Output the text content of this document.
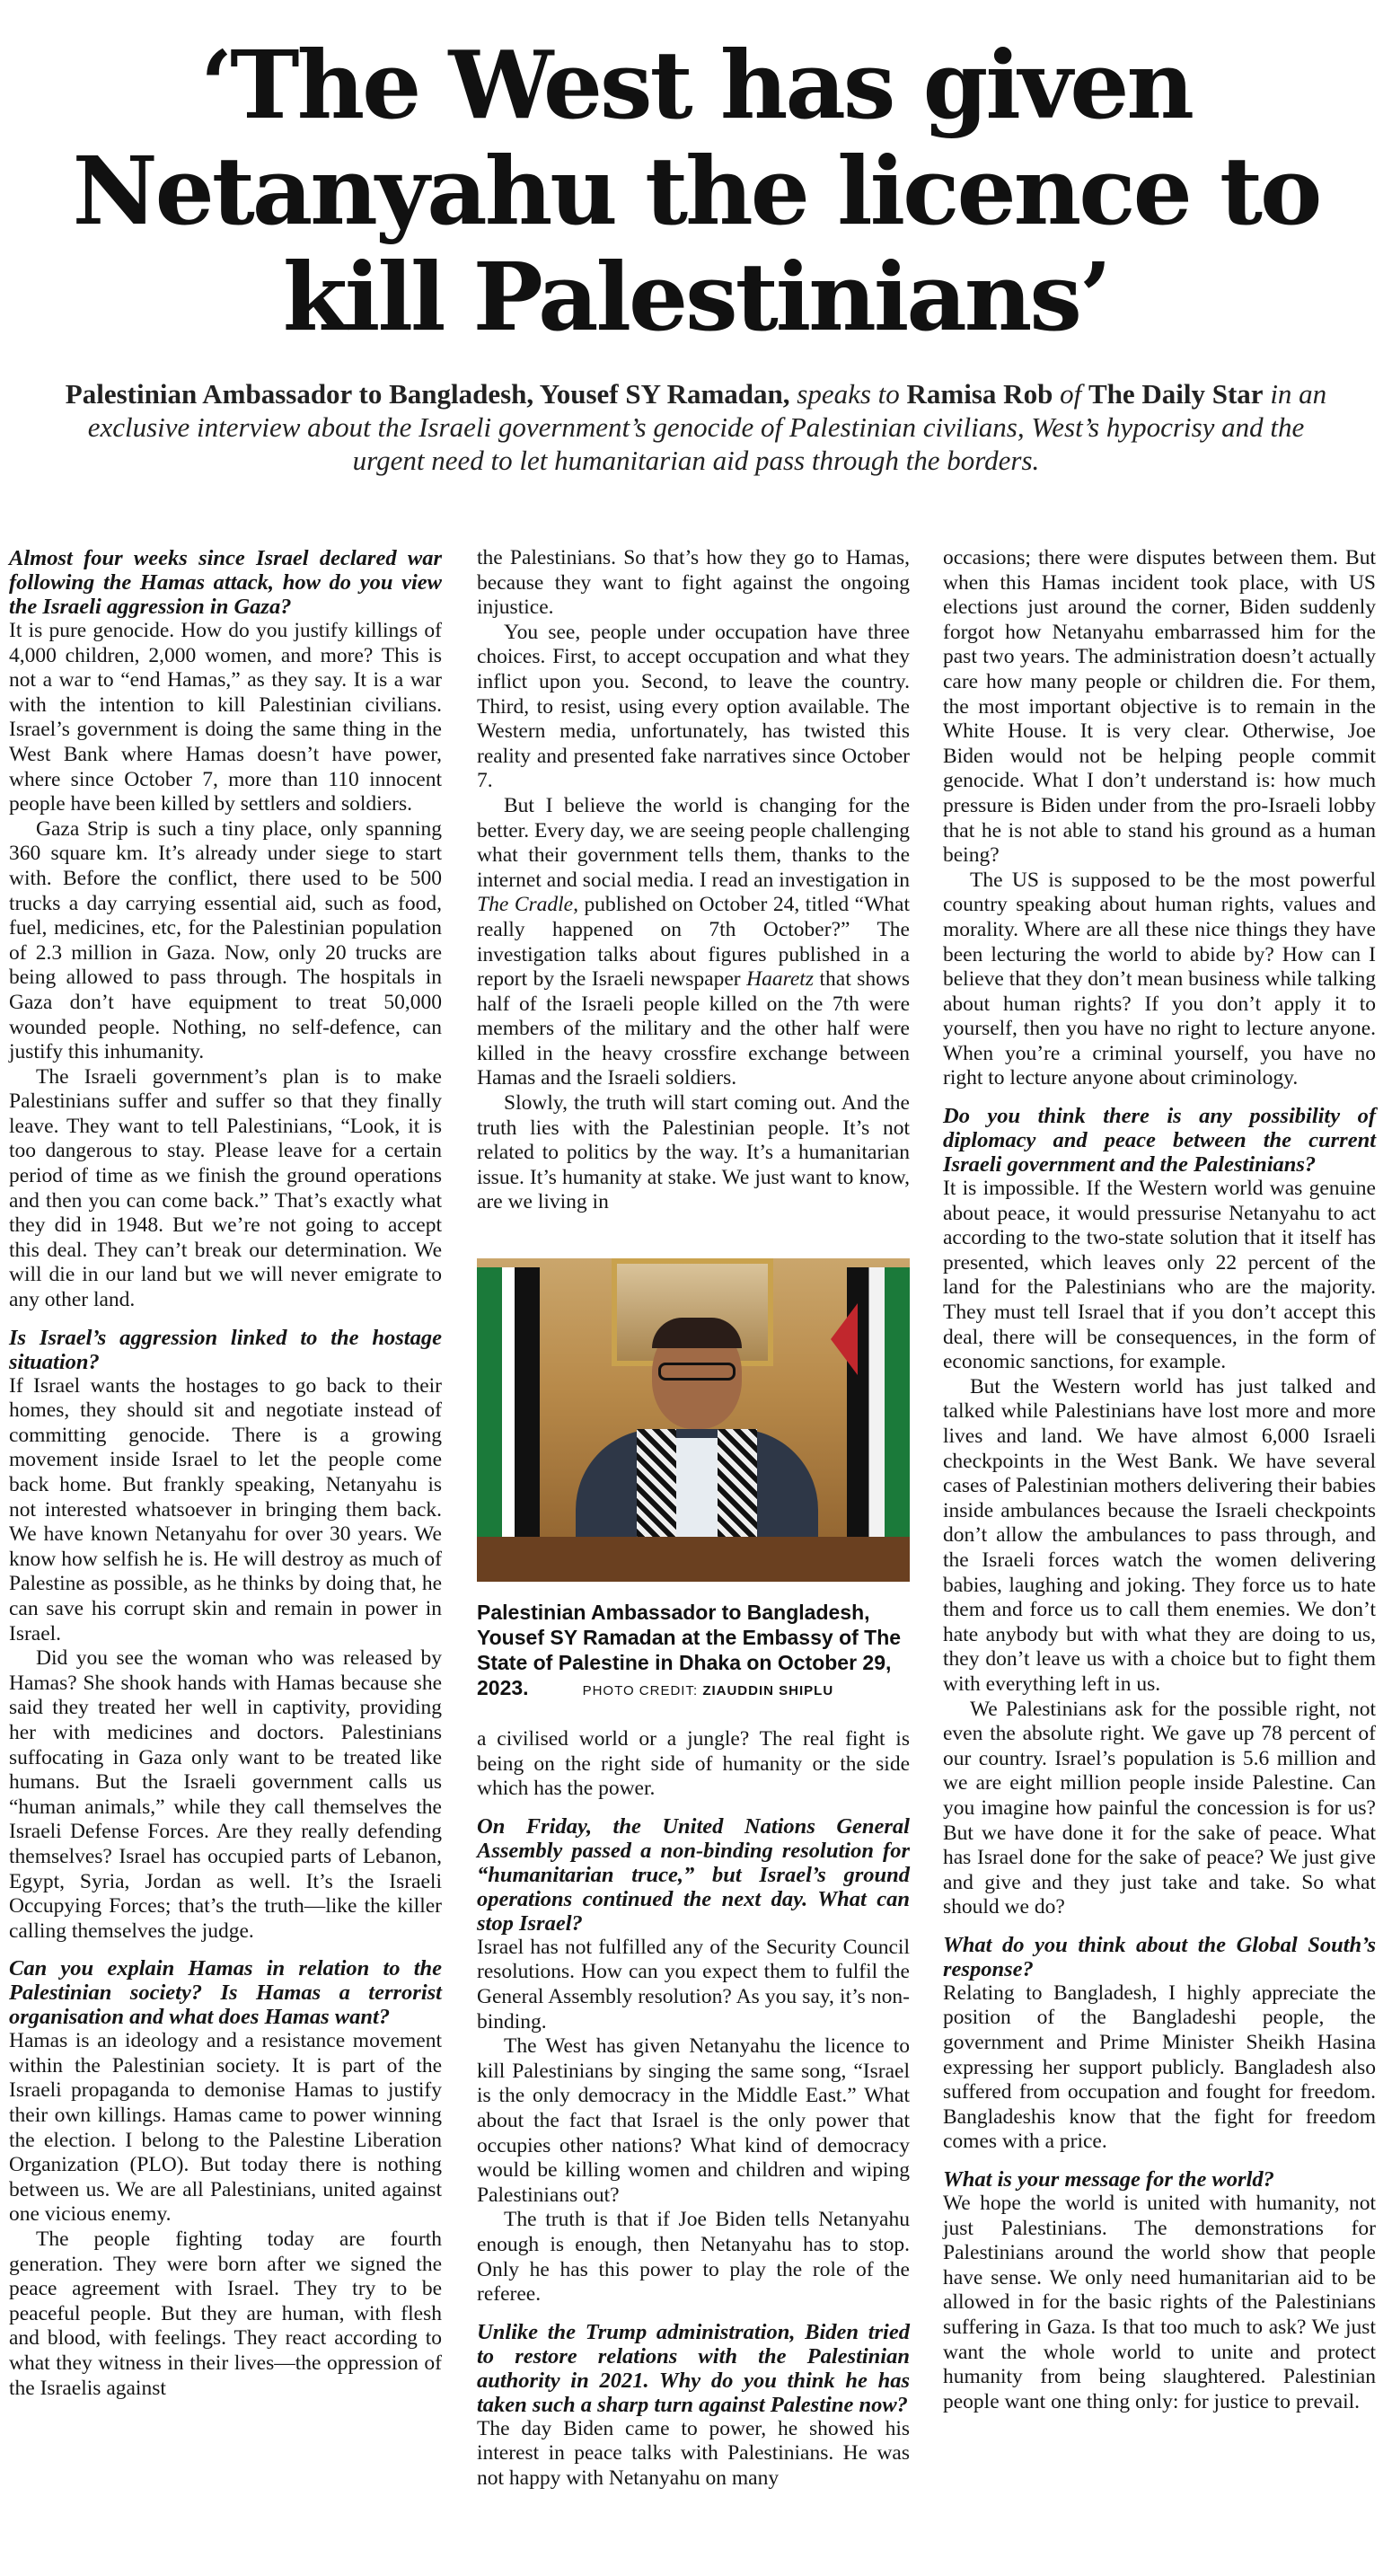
‘The West has given
Netanyahu the licence to
kill Palestinians’
Palestinian Ambassador to Bangladesh, Yousef SY Ramadan, speaks to Ramisa Rob of The Daily Star in an exclusive interview about the Israeli government’s genocide of Palestinian civilians, West’s hypocrisy and the urgent need to let humanitarian aid pass through the borders.
Almost four weeks since Israel declared war following the Hamas attack, how do you view the Israeli aggression in Gaza?

It is pure genocide. How do you justify killings of 4,000 children, 2,000 women, and more? This is not a war to “end Hamas,” as they say. It is a war with the intention to kill Palestinian civilians. Israel’s government is doing the same thing in the West Bank where Hamas doesn’t have power, where since October 7, more than 110 innocent people have been killed by settlers and soldiers.

Gaza Strip is such a tiny place, only spanning 360 square km. It’s already under siege to start with. Before the conflict, there used to be 500 trucks a day carrying essential aid, such as food, fuel, medicines, etc, for the Palestinian population of 2.3 million in Gaza. Now, only 20 trucks are being allowed to pass through. The hospitals in Gaza don’t have equipment to treat 50,000 wounded people. Nothing, no self-defence, can justify this inhumanity.

The Israeli government’s plan is to make Palestinians suffer and suffer so that they finally leave. They want to tell Palestinians, “Look, it is too dangerous to stay. Please leave for a certain period of time as we finish the ground operations and then you can come back.” That’s exactly what they did in 1948. But we’re not going to accept this deal. They can’t break our determination. We will die in our land but we will never emigrate to any other land.

Is Israel’s aggression linked to the hostage situation?

If Israel wants the hostages to go back to their homes, they should sit and negotiate instead of committing genocide. There is a growing movement inside Israel to let the people come back home. But frankly speaking, Netanyahu is not interested whatsoever in bringing them back. We have known Netanyahu for over 30 years. We know how selfish he is. He will destroy as much of Palestine as possible, as he thinks by doing that, he can save his corrupt skin and remain in power in Israel.

Did you see the woman who was released by Hamas? She shook hands with Hamas because she said they treated her well in captivity, providing her with medicines and doctors. Palestinians suffocating in Gaza only want to be treated like humans. But the Israeli government calls us “human animals,” while they call themselves the Israeli Defense Forces. Are they really defending themselves? Israel has occupied parts of Lebanon, Egypt, Syria, Jordan as well. It’s the Israeli Occupying Forces; that’s the truth—like the killer calling themselves the judge.

Can you explain Hamas in relation to the Palestinian society? Is Hamas a terrorist organisation and what does Hamas want?

Hamas is an ideology and a resistance movement within the Palestinian society. It is part of the Israeli propaganda to demonise Hamas to justify their own killings. Hamas came to power winning the election. I belong to the Palestine Liberation Organization (PLO). But today there is nothing between us. We are all Palestinians, united against one vicious enemy.

The people fighting today are fourth generation. They were born after we signed the peace agreement with Israel. They try to be peaceful people. But they are human, with flesh and blood, with feelings. They react according to what they witness in their lives—the oppression of the Israelis against

the Palestinians. So that’s how they go to Hamas, because they want to fight against the ongoing injustice.

You see, people under occupation have three choices. First, to accept occupation and what they inflict upon you. Second, to leave the country. Third, to resist, using every option available. The Western media, unfortunately, has twisted this reality and presented fake narratives since October 7.

But I believe the world is changing for the better. Every day, we are seeing people challenging what their government tells them, thanks to the internet and social media. I read an investigation in The Cradle, published on October 24, titled “What really happened on 7th October?” The investigation talks about figures published in a report by the Israeli newspaper Haaretz that shows half of the Israeli people killed on the 7th were members of the military and the other half were killed in the heavy crossfire exchange between Hamas and the Israeli soldiers.

Slowly, the truth will start coming out. And the truth lies with the Palestinian people. It’s not related to politics by the way. It’s a humanitarian issue. It’s humanity at stake. We just want to know, are we living in

Palestinian Ambassador to Bangladesh, Yousef SY Ramadan at the Embassy of The State of Palestine in Dhaka on October 29, 2023.	PHOTO CREDIT: ZIAUDDIN SHIPLU

a civilised world or a jungle? The real fight is being on the right side of humanity or the side which has the power.

On Friday, the United Nations General Assembly passed a non-binding resolution for “humanitarian truce,” but Israel’s ground operations continued the next day. What can stop Israel?

Israel has not fulfilled any of the Security Council resolutions. How can you expect them to fulfil the General Assembly resolution? As you say, it’s non-binding.

The West has given Netanyahu the licence to kill Palestinians by singing the same song, “Israel is the only democracy in the Middle East.” What about the fact that Israel is the only power that occupies other nations? What kind of democracy would be killing women and children and wiping Palestinians out?

The truth is that if Joe Biden tells Netanyahu enough is enough, then Netanyahu has to stop. Only he has this power to play the role of the referee.

Unlike the Trump administration, Biden tried to restore relations with the Palestinian authority in 2021. Why do you think he has taken such a sharp turn against Palestine now?

The day Biden came to power, he showed his interest in peace talks with Palestinians. He was not happy with Netanyahu on many

occasions; there were disputes between them. But when this Hamas incident took place, with US elections just around the corner, Biden suddenly forgot how Netanyahu embarrassed him for the past two years. The administration doesn’t actually care how many people or children die. For them, the most important objective is to remain in the White House. It is very clear. Otherwise, Joe Biden would not be helping people commit genocide. What I don’t understand is: how much pressure is Biden under from the pro-Israeli lobby that he is not able to stand his ground as a human being?

The US is supposed to be the most powerful country speaking about human rights, values and morality. Where are all these nice things they have been lecturing the world to abide by? How can I believe that they don’t mean business while talking about human rights? If you don’t apply it to yourself, then you have no right to lecture anyone. When you’re a criminal yourself, you have no right to lecture anyone about criminology.

Do you think there is any possibility of diplomacy and peace between the current Israeli government and the Palestinians?

It is impossible. If the Western world was genuine about peace, it would pressurise Netanyahu to act according to the two-state solution that it itself has presented, which leaves only 22 percent of the land for the Palestinians who are the majority. They must tell Israel that if you don’t accept this deal, there will be consequences, in the form of economic sanctions, for example.

But the Western world has just talked and talked while Palestinians have lost more and more lives and land. We have almost 6,000 Israeli checkpoints in the West Bank. We have several cases of Palestinian mothers delivering their babies inside ambulances because the Israeli checkpoints don’t allow the ambulances to pass through, and the Israeli forces watch the women delivering babies, laughing and joking. They force us to hate them and force us to call them enemies. We don’t hate anybody but with what they are doing to us, they don’t leave us with a choice but to fight them with everything left in us.

We Palestinians ask for the possible right, not even the absolute right. We gave up 78 percent of our country. Israel’s population is 5.6 million and we are eight million people inside Palestine. Can you imagine how painful the concession is for us? But we have done it for the sake of peace. What has Israel done for the sake of peace? We just give and give and they just take and take. So what should we do?

What do you think about the Global South’s response?

Relating to Bangladesh, I highly appreciate the position of the Bangladeshi people, the government and Prime Minister Sheikh Hasina expressing her support publicly. Bangladesh also suffered from occupation and fought for freedom. Bangladeshis know that the fight for freedom comes with a price.

What is your message for the world?

We hope the world is united with humanity, not just Palestinians. The demonstrations for Palestinians around the world show that people have sense. We only need humanitarian aid to be allowed in for the basic rights of the Palestinians suffering in Gaza. Is that too much to ask? We just want the whole world to unite and protect humanity from being slaughtered. Palestinian people want one thing only: for justice to prevail.
